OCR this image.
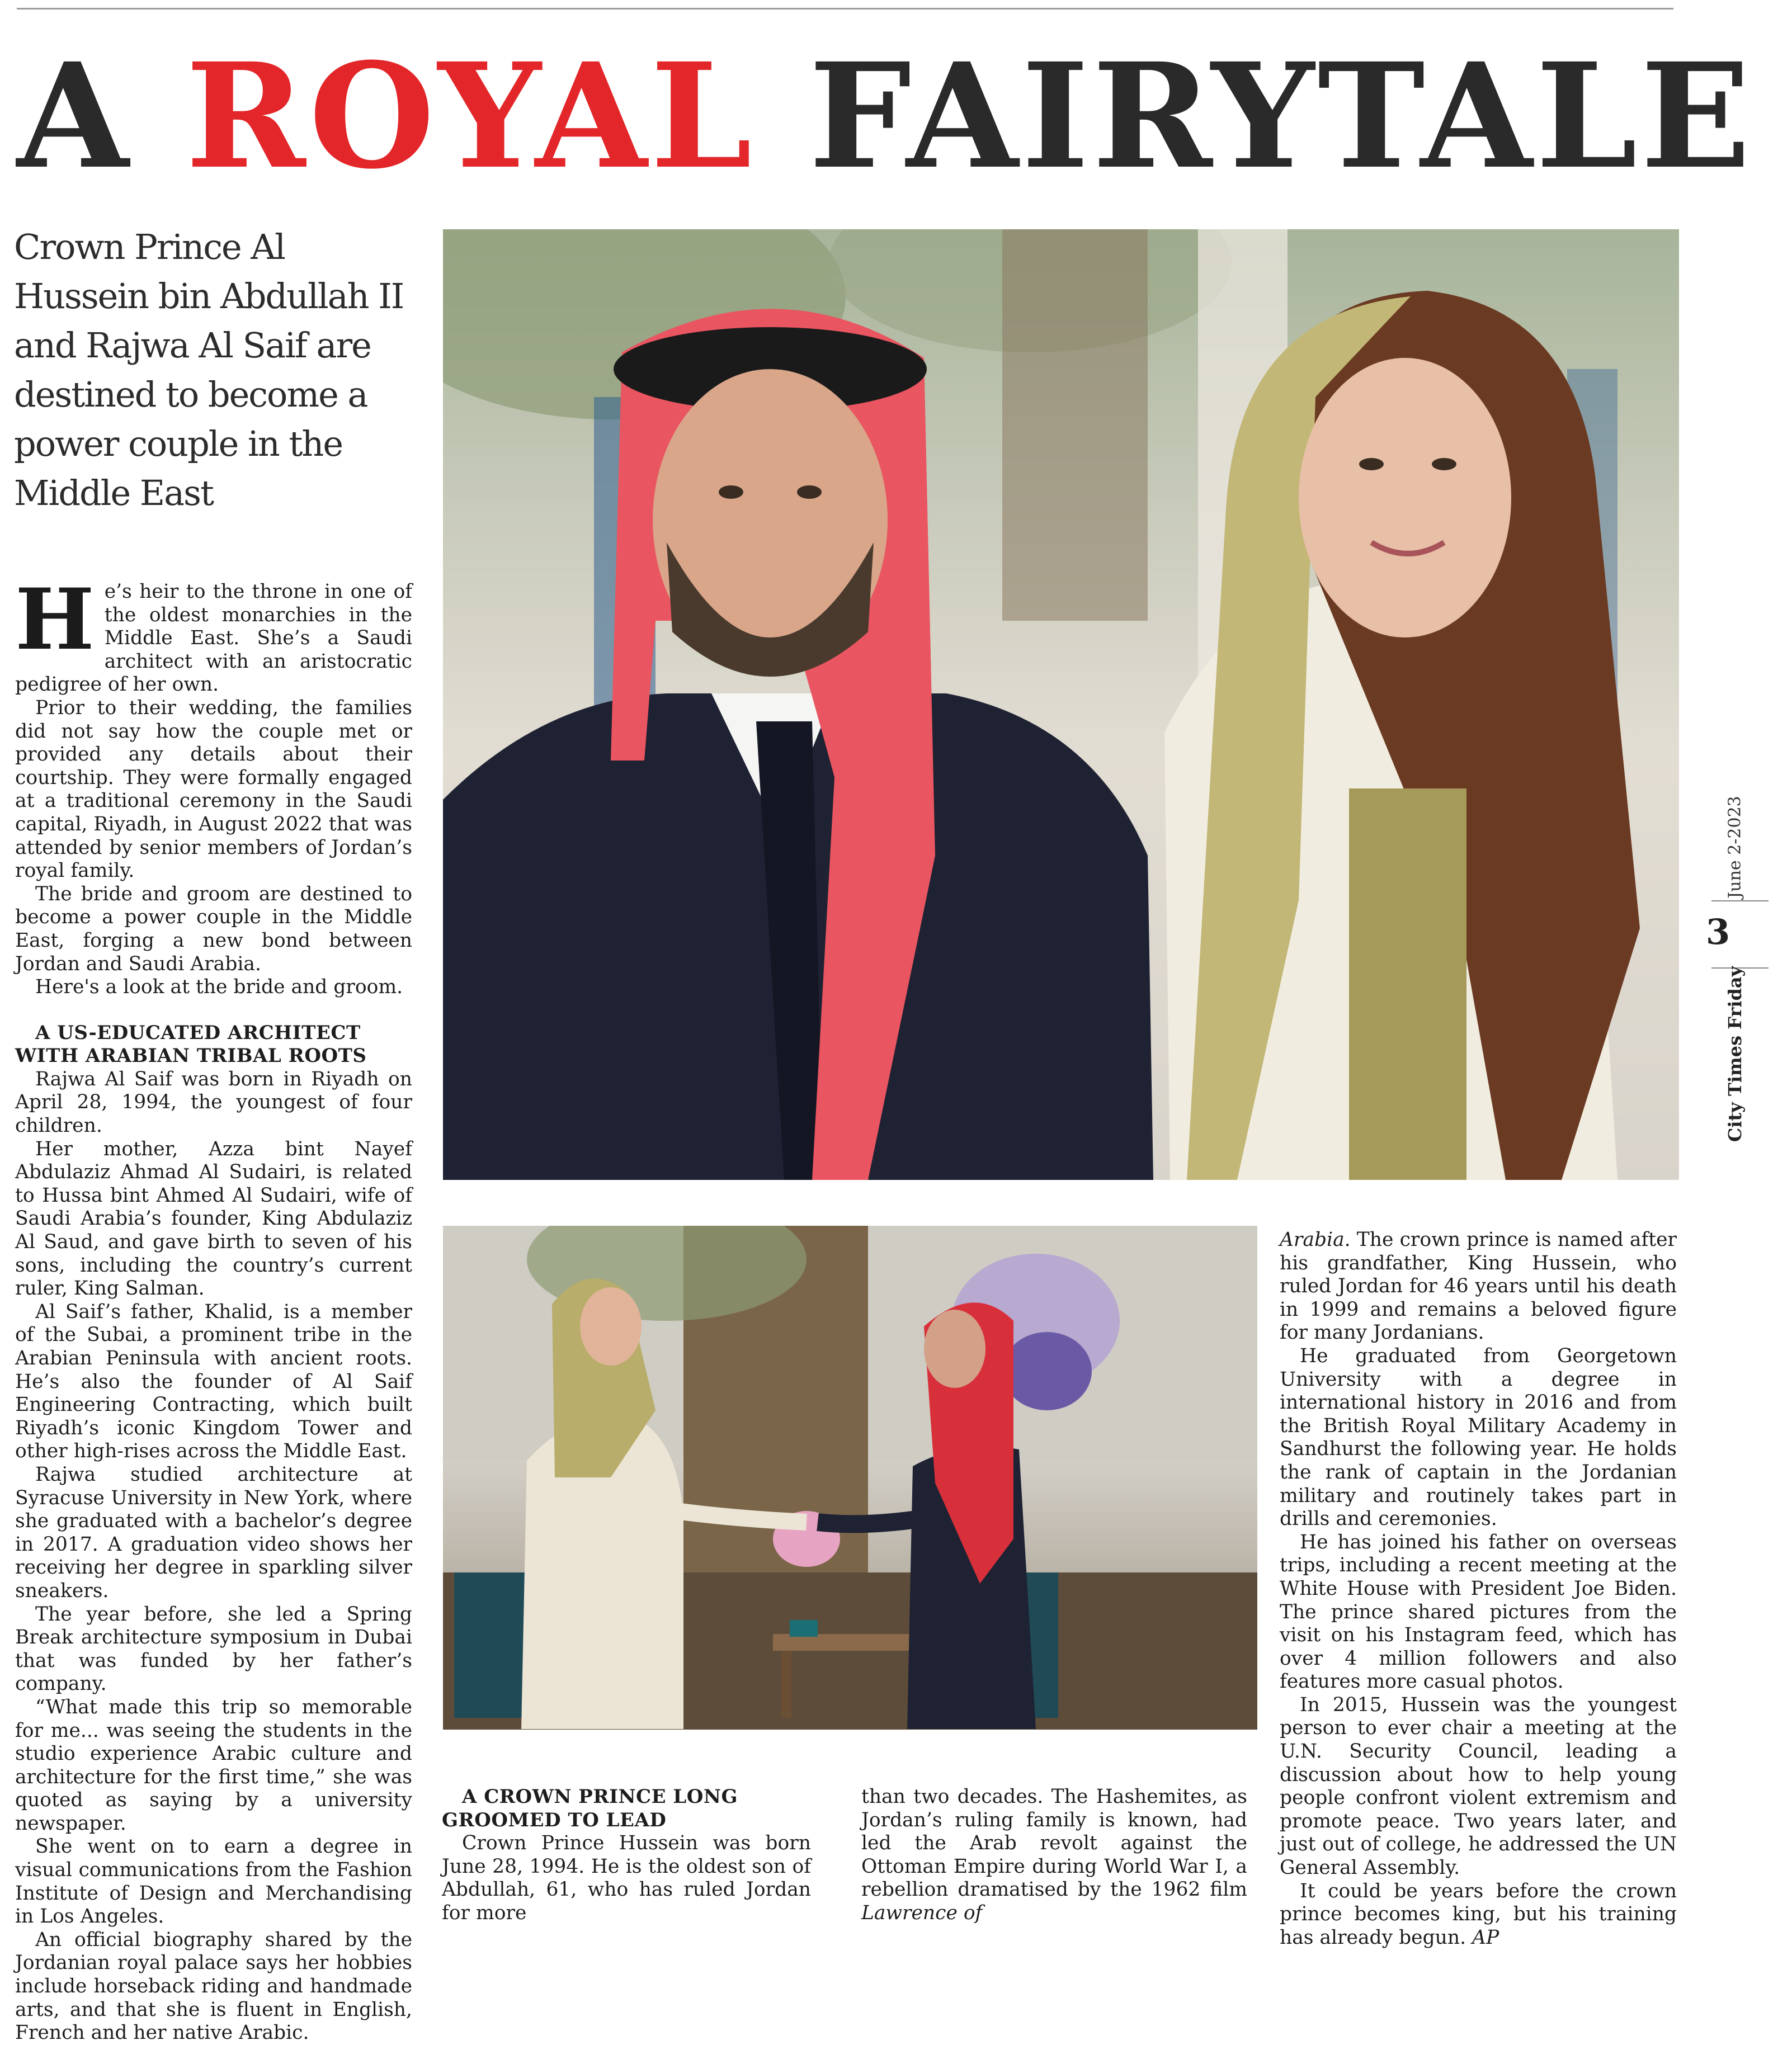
A ROYAL FAIRYTALE
Crown Prince Al Hussein bin Abdullah II and Rajwa Al Saif are destined to become a power couple in the Middle East

He’s heir to the throne in one of the oldest monarchies in the Middle East. She’s a Saudi architect with an aristocratic pedigree of her own.

Prior to their wedding, the families did not say how the couple met or provided any details about their courtship. They were formally engaged at a traditional ceremony in the Saudi capital, Riyadh, in August 2022 that was attended by senior members of Jordan’s royal family.

The bride and groom are destined to become a power couple in the Middle East, forging a new bond between Jordan and Saudi Arabia.

Here's a look at the bride and groom.

A US-EDUCATED ARCHITECT WITH ARABIAN TRIBAL ROOTS

Rajwa Al Saif was born in Riyadh on April 28, 1994, the youngest of four children.

Her mother, Azza bint Nayef Abdulaziz Ahmad Al Sudairi, is related to Hussa bint Ahmed Al Sudairi, wife of Saudi Arabia’s founder, King Abdulaziz Al Saud, and gave birth to seven of his sons, including the country’s current ruler, King Salman.

Al Saif’s father, Khalid, is a member of the Subai, a prominent tribe in the Arabian Peninsula with ancient roots. He’s also the founder of Al Saif Engineering Contracting, which built Riyadh’s iconic Kingdom Tower and other high-rises across the Middle East.

Rajwa studied architecture at Syracuse University in New York, where she graduated with a bachelor’s degree in 2017. A graduation video shows her receiving her degree in sparkling silver sneakers.

The year before, she led a Spring Break architecture symposium in Dubai that was funded by her father’s company.

“What made this trip so memorable for me... was seeing the students in the studio experience Arabic culture and architecture for the first time,” she was quoted as saying by a university newspaper.

She went on to earn a degree in visual communications from the Fashion Institute of Design and Merchandising in Los Angeles.

An official biography shared by the Jordanian royal palace says her hobbies include horseback riding and handmade arts, and that she is fluent in English, French and her native Arabic.

A CROWN PRINCE LONG GROOMED TO LEAD

Crown Prince Hussein was born June 28, 1994. He is the oldest son of Abdullah, 61, who has ruled Jordan for more

than two decades. The Hashemites, as Jordan’s ruling family is known, had led the Arab revolt against the Ottoman Empire during World War I, a rebellion dramatised by the 1962 film Lawrence of

Arabia. The crown prince is named after his grandfather, King Hussein, who ruled Jordan for 46 years until his death in 1999 and remains a beloved figure for many Jordanians.

He graduated from Georgetown University with a degree in international history in 2016 and from the British Royal Military Academy in Sandhurst the following year. He holds the rank of captain in the Jordanian military and routinely takes part in drills and ceremonies.

He has joined his father on overseas trips, including a recent meeting at the White House with President Joe Biden. The prince shared pictures from the visit on his Instagram feed, which has over 4 million followers and also features more casual photos.

In 2015, Hussein was the youngest person to ever chair a meeting at the U.N. Security Council, leading a discussion about how to help young people confront violent extremism and promote peace. Two years later, and just out of college, he addressed the UN General Assembly.

It could be years before the crown prince becomes king, but his training has already begun. AP

June 2-2023
3
City Times Friday
